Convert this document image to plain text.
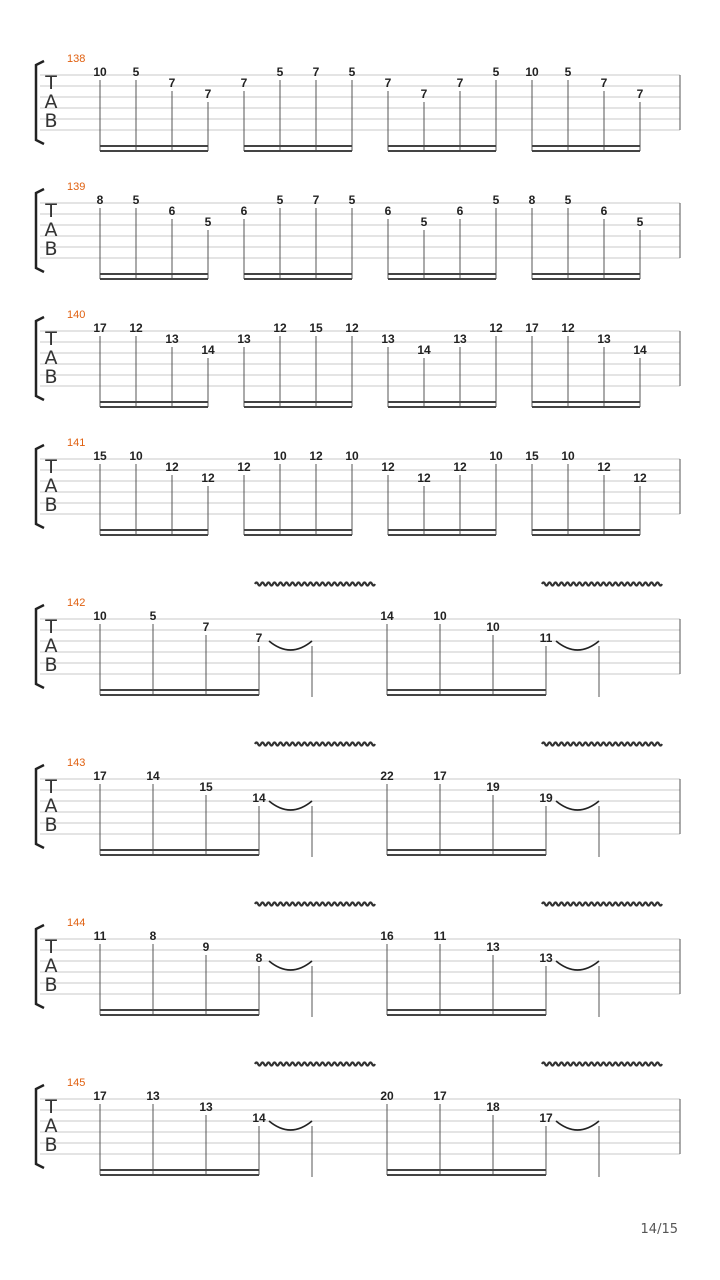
T
A
B
138
10 5
7
7
7
5 7 5
7
7
7
5 10 5
7
7
T
A
B
139
8 5
6
5
6
5 7 5
6
5
6
5 8 5
6
5
T
A
B
140
17 12
13
14
13
12 15 12
13
14
13
12 17 12
13
14
T
A
B
141
15 10
12
12
12
10 12 10
12
12
12
10 15 10
12
12
T
A
B
142
10	5
7
7
14	10
10
11
T
A
B
143
17	14
15
14
22	17
19
19
T
A
B
144
11	8
9
8
16	11
13
13
T
A
B
145
17	13
13
14
20	17
18
17
14/15
